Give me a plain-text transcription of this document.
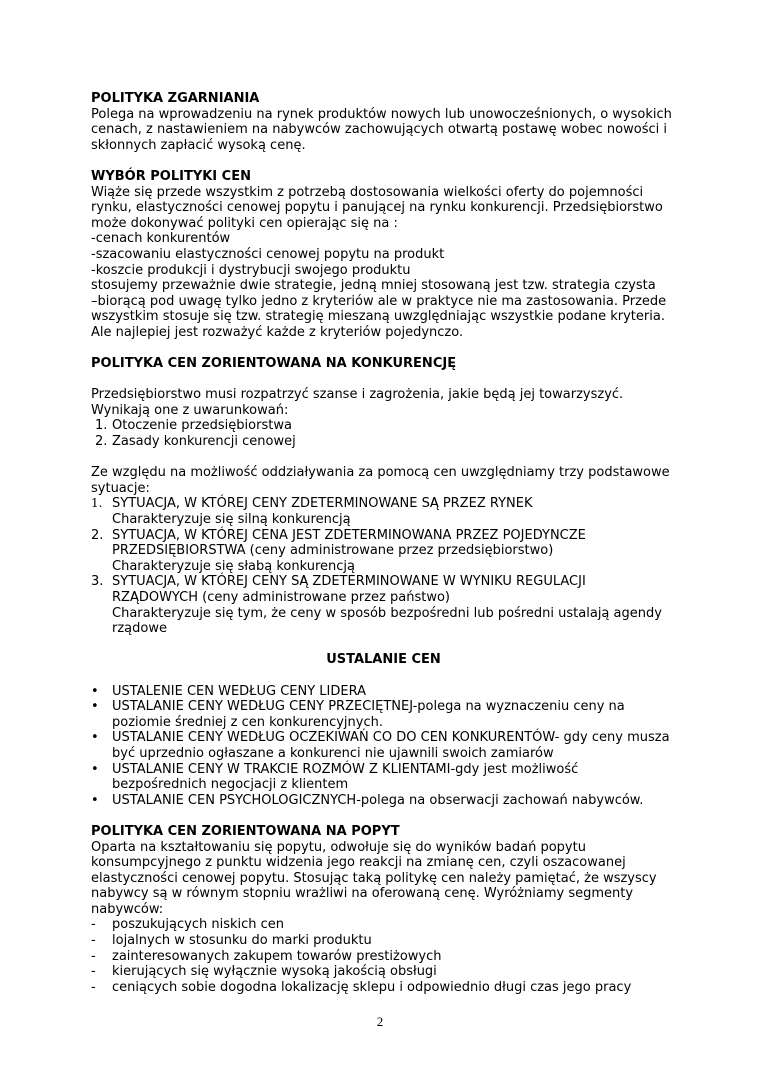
POLITYKA ZGARNIANIA

Polega na wprowadzeniu na rynek produktów nowych lub unowocześnionych, o wysokich

cenach, z nastawieniem na nabywców zachowujących otwartą postawę wobec nowości i

skłonnych zapłacić wysoką cenę.

WYBÓR POLITYKI CEN

Wiąże się przede wszystkim z potrzebą dostosowania wielkości oferty do pojemności

rynku, elastyczności cenowej popytu i panującej na rynku konkurencji. Przedsiębiorstwo

może dokonywać polityki cen opierając się na :

-cenach konkurentów

-szacowaniu elastyczności cenowej popytu na produkt

-koszcie produkcji i dystrybucji swojego produktu

stosujemy przeważnie dwie strategie, jedną mniej stosowaną jest tzw. strategia czysta

–biorącą pod uwagę tylko jedno z kryteriów ale w praktyce nie ma zastosowania. Przede

wszystkim stosuje się tzw. strategię mieszaną uwzględniając wszystkie podane kryteria.

Ale najlepiej jest rozważyć każde z kryteriów pojedynczo.

POLITYKA CEN ZORIENTOWANA NA KONKURENCJĘ

Przedsiębiorstwo musi rozpatrzyć szanse i zagrożenia, jakie będą jej towarzyszyć.

Wynikają one z uwarunkowań:

1. Otoczenie przedsiębiorstwa
2. Zasady konkurencji cenowej

Ze względu na możliwość oddziaływania za pomocą cen uwzględniamy trzy podstawowe

sytuacje:

1. SYTUACJA, W KTÓREJ CENY ZDETERMINOWANE SĄ PRZEZ RYNEK

Charakteryzuje się silną konkurencją

2. SYTUACJA, W KTÓREJ CENA JEST ZDETERMINOWANA PRZEZ POJEDYNCZE

PRZEDSIĘBIORSTWA (ceny administrowane przez przedsiębiorstwo)

Charakteryzuje się słabą konkurencją

3. SYTUACJA, W KTÓREJ CENY SĄ ZDETERMINOWANE W WYNIKU REGULACJI

RZĄDOWYCH (ceny administrowane przez państwo)

Charakteryzuje się tym, że ceny w sposób bezpośredni lub pośredni ustalają agendy

rządowe

USTALANIE CEN
• USTALENIE CEN WEDŁUG CENY LIDERA

• USTALANIE CENY WEDŁUG CENY PRZECIĘTNEJ-polega na wyznaczeniu ceny na

poziomie średniej z cen konkurencyjnych.

• USTALANIE CENY WEDŁUG OCZEKIWAŃ CO DO CEN KONKURENTÓW- gdy ceny musza

być uprzednio ogłaszane a konkurenci nie ujawnili swoich zamiarów

• USTALANIE CENY W TRAKCIE ROZMÓW Z KLIENTAMI-gdy jest możliwość

bezpośrednich negocjacji z klientem

• USTALANIE CEN PSYCHOLOGICZNYCH-polega na obserwacji zachowań nabywców.

POLITYKA CEN ZORIENTOWANA NA POPYT

Oparta na kształtowaniu się popytu, odwołuje się do wyników badań popytu

konsumpcyjnego z punktu widzenia jego reakcji na zmianę cen, czyli oszacowanej

elastyczności cenowej popytu. Stosując taką politykę cen należy pamiętać, że wszyscy

nabywcy są w równym stopniu wrażliwi na oferowaną cenę. Wyróżniamy segmenty

nabywców:

- poszukujących niskich cen
- lojalnych w stosunku do marki produktu
- zainteresowanych zakupem towarów prestiżowych
- kierujących się wyłącznie wysoką jakością obsługi
- ceniących sobie dogodna lokalizację sklepu i odpowiednio długi czas jego pracy
2
